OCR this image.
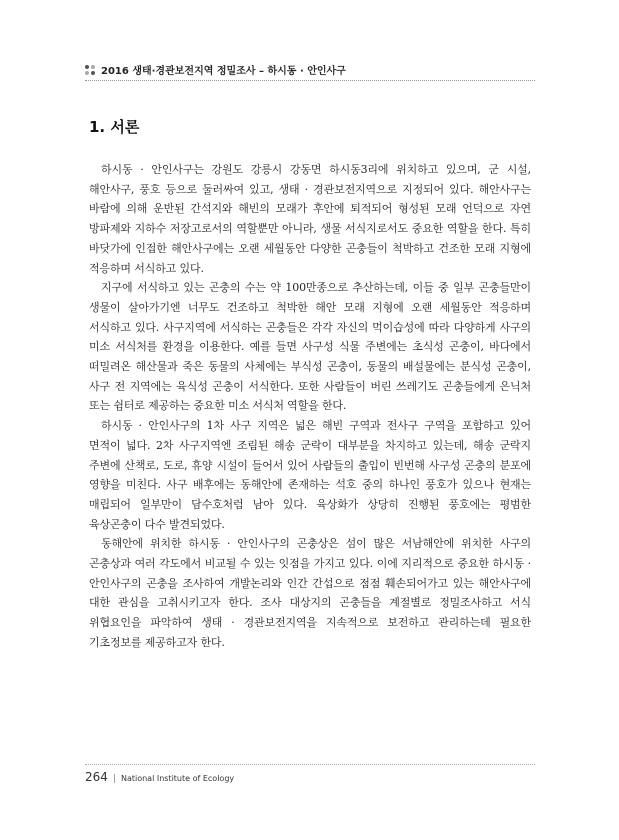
2016 생태·경관보전지역 정밀조사 – 하시동 · 안인사구
1. 서론

하시동 · 안인사구는 강원도 강릉시 강동면 하시동3리에 위치하고 있으며, 군 시설, 해안사구, 풍호 등으로 둘러싸여 있고, 생태 · 경관보전지역으로 지정되어 있다. 해안사구는 바람에 의해 운반된 간석지와 해빈의 모래가 후안에 퇴적되어 형성된 모래 언덕으로 자연 방파제와 지하수 저장고로서의 역할뿐만 아니라, 생물 서식지로서도 중요한 역할을 한다. 특히 바닷가에 인접한 해안사구에는 오랜 세월동안 다양한 곤충들이 척박하고 건조한 모래 지형에 적응하며 서식하고 있다.

지구에 서식하고 있는 곤충의 수는 약 100만종으로 추산하는데, 이들 중 일부 곤충들만이 생물이 살아가기엔 너무도 건조하고 척박한 해안 모래 지형에 오랜 세월동안 적응하며 서식하고 있다. 사구지역에 서식하는 곤충들은 각각 자신의 먹이습성에 따라 다양하게 사구의 미소 서식처를 환경을 이용한다. 예를 들면 사구성 식물 주변에는 초식성 곤충이, 바다에서 떠밀려온 해산물과 죽은 동물의 사체에는 부식성 곤충이, 동물의 배설물에는 분식성 곤충이, 사구 전 지역에는 육식성 곤충이 서식한다. 또한 사람들이 버린 쓰레기도 곤충들에게 은닉처 또는 쉼터로 제공하는 중요한 미소 서식처 역할을 한다.

하시동 · 안인사구의 1차 사구 지역은 넓은 해빈 구역과 전사구 구역을 포함하고 있어 면적이 넓다. 2차 사구지역엔 조림된 해송 군락이 대부분을 차지하고 있는데, 해송 군락지 주변에 산책로, 도로, 휴양 시설이 들어서 있어 사람들의 출입이 빈번해 사구성 곤충의 분포에 영향을 미친다. 사구 배후에는 동해안에 존재하는 석호 중의 하나인 풍호가 있으나 현재는 매립되어 일부만이 담수호처럼 남아 있다. 육상화가 상당히 진행된 풍호에는 평범한 육상곤충이 다수 발견되었다.

동해안에 위치한 하시동 · 안인사구의 곤충상은 섬이 많은 서남해안에 위치한 사구의 곤충상과 여러 각도에서 비교될 수 있는 잇점을 가지고 있다. 이에 지리적으로 중요한 하시동 · 안인사구의 곤충을 조사하여 개발논리와 인간 간섭으로 점점 훼손되어가고 있는 해안사구에 대한 관심을 고취시키고자 한다. 조사 대상지의 곤충들을 계절별로 정밀조사하고 서식 위협요인을 파악하여 생태 · 경관보전지역을 지속적으로 보전하고 관리하는데 필요한 기초정보를 제공하고자 한다.

264 | National Institute of Ecology
